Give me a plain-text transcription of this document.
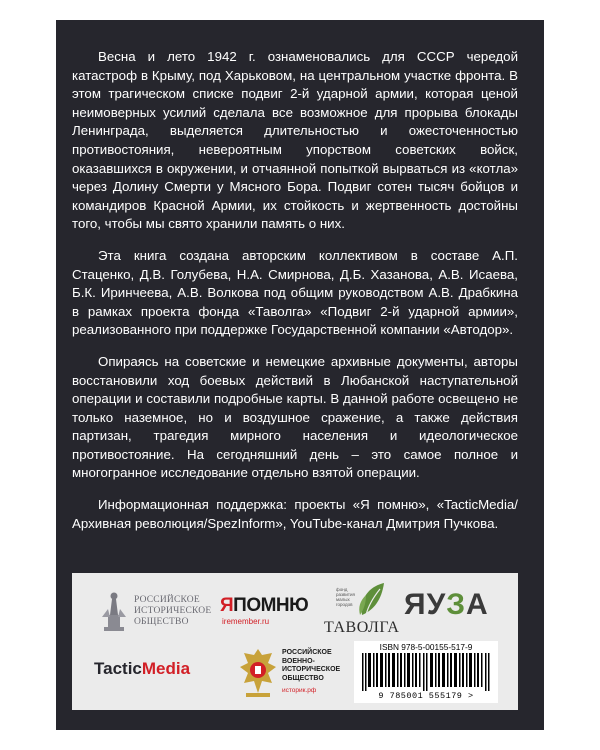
Весна и лето 1942 г. ознаменовались для СССР чередой катастроф в Крыму, под Харьковом, на центральном участке фронта. В этом трагическом списке подвиг 2-й ударной армии, которая ценой неимоверных усилий сделала все возможное для прорыва блокады Ленинграда, выделяется длительностью и ожесточенностью противостояния, невероятным упорством советских войск, оказавшихся в окружении, и отчаянной попыткой вырваться из «котла» через Долину Смерти у Мясного Бора. Подвиг сотен тысяч бойцов и командиров Красной Армии, их стойкость и жертвенность достойны того, чтобы мы свято хранили память о них.

Эта книга создана авторским коллективом в составе А.П. Стаценко, Д.В. Голубева, Н.А. Смирнова, Д.Б. Хазанова, А.В. Исаева, Б.К. Иринчеева, А.В. Волкова под общим руководством А.В. Драбкина в рамках проекта фонда «Таволга» «Подвиг 2-й ударной армии», реализованного при поддержке Государственной компании «Автодор».

Опираясь на советские и немецкие архивные документы, авторы восстановили ход боевых действий в Любанской наступательной операции и составили подробные карты. В данной работе освещено не только наземное, но и воздушное сражение, а также действия партизан, трагедия мирного населения и идеологическое противостояние. На сегодняшний день – это самое полное и многогранное исследование отдельно взятой операции.

Информационная поддержка: проекты «Я помню», «TacticMedia/Архивная революция/SpezInform», YouTube-канал Дмитрия Пучкова.

РОССИЙСКОЕ
ИСТОРИЧЕСКОЕ
ОБЩЕСТВО
ЯПОМНЮ
iremember.ru
фонд развития малых городов
ТАВОЛГА
ЯУЗА
TacticMedia
РОССИЙСКОЕ
ВОЕННО-
ИСТОРИЧЕСКОЕ
ОБЩЕСТВО
историк.рф
ISBN 978-5-00155-517-9
9 785001 555179 >
